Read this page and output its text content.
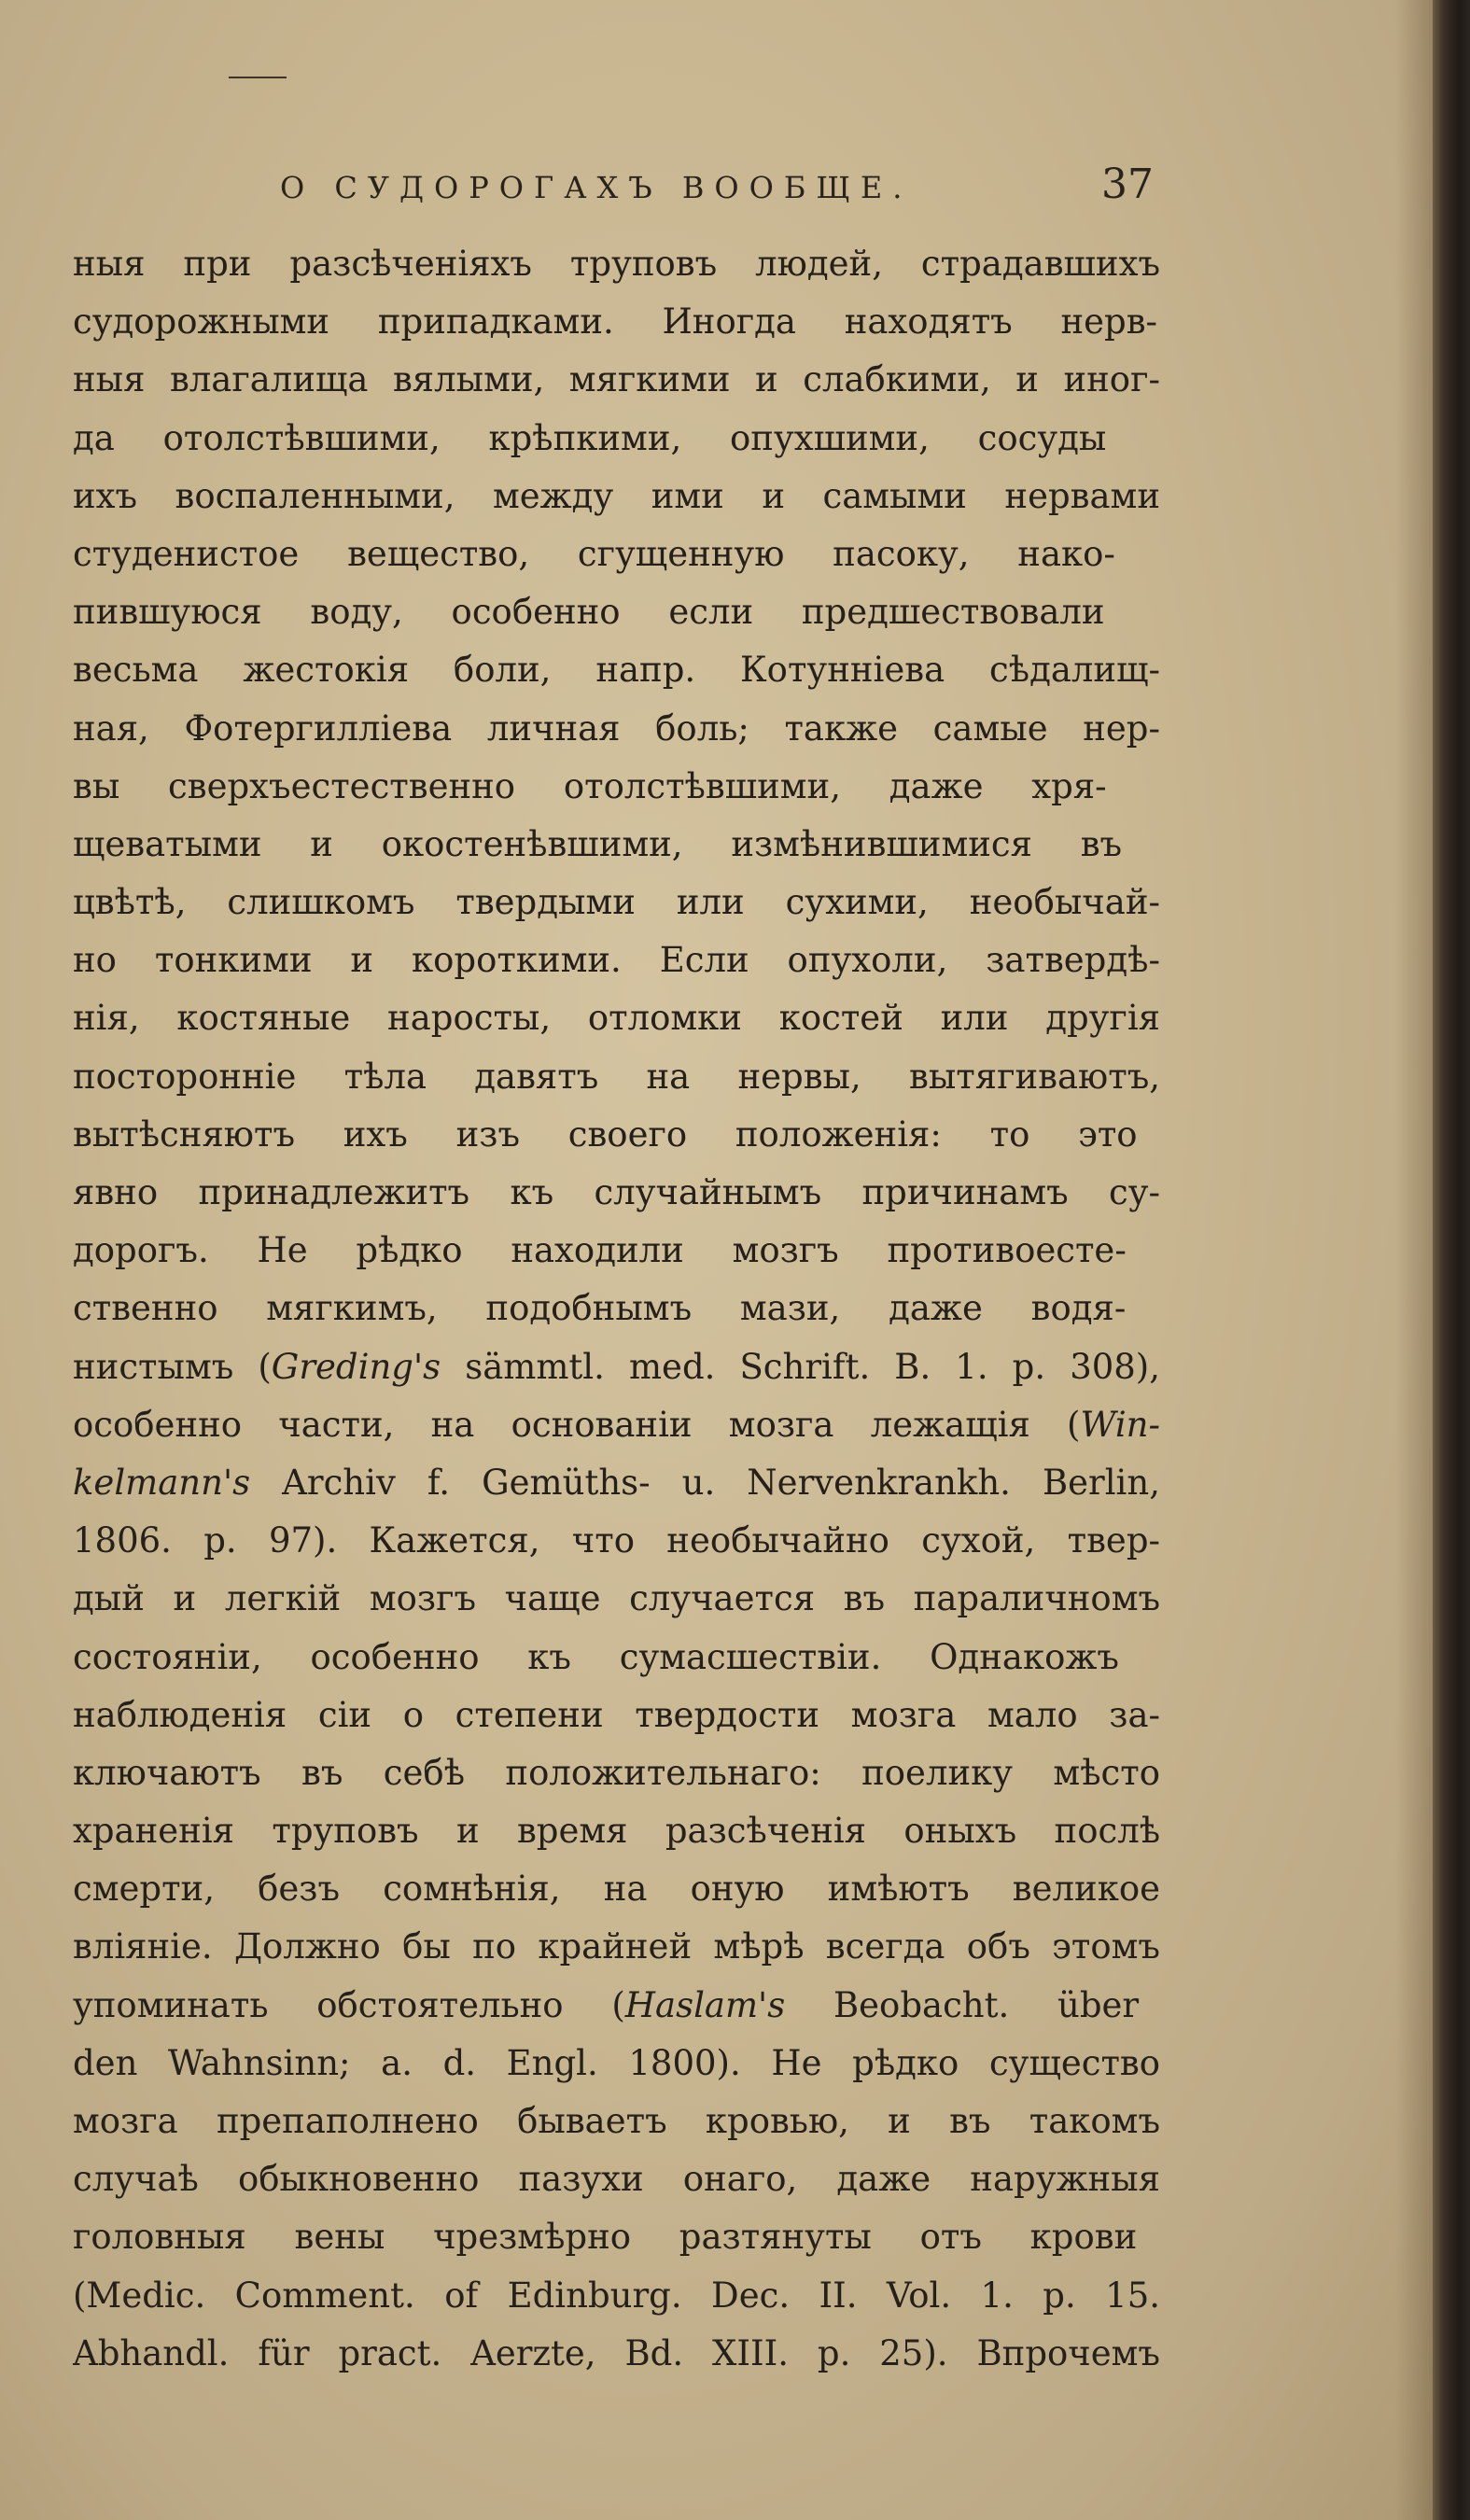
О СУДОРОГАХЪ ВООБЩЕ.	37
ныя при разсѣченіяхъ труповъ людей, страдавшихъ
судорожными припадками. Иногда находятъ нерв-
ныя влагалища вялыми, мягкими и слабкими, и иног-
да отолстѣвшими, крѣпкими, опухшими, сосуды
ихъ воспаленными, между ими и самыми нервами
студенистое вещество, сгущенную пасоку, нако-
пившуюся воду, особенно если предшествовали
весьма жестокія боли, напр. Котунніева сѣдалищ-
ная, Фотергилліева личная боль; также самые нер-
вы сверхъестественно отолстѣвшими, даже хря-
щеватыми и окостенѣвшими, измѣнившимися въ
цвѣтѣ, слишкомъ твердыми или сухими, необычай-
но тонкими и короткими. Если опухоли, затвердѣ-
нія, костяные наросты, отломки костей или другія
посторонніе тѣла давятъ на нервы, вытягиваютъ,
вытѣсняютъ ихъ изъ своего положенія: то это
явно принадлежитъ къ случайнымъ причинамъ су-
дорогъ. Не рѣдко находили мозгъ противоесте-
ственно мягкимъ, подобнымъ мази, даже водя-
нистымъ (Greding's sämmtl. med. Schrift. B. 1. p. 308),
особенно части, на основаніи мозга лежащія (Win-
kelmann's Archiv f. Gemüths- u. Nervenkrankh. Berlin,
1806. p. 97). Кажется, что необычайно сухой, твер-
дый и легкій мозгъ чаще случается въ параличномъ
состояніи, особенно къ сумасшествіи. Однакожъ
наблюденія сіи о степени твердости мозга мало за-
ключаютъ въ себѣ положительнаго: поелику мѣсто
храненія труповъ и время разсѣченія оныхъ послѣ
смерти, безъ сомнѣнія, на оную имѣютъ великое
вліяніе. Должно бы по крайней мѣрѣ всегда объ этомъ
упоминать обстоятельно (Haslam's Beobacht. über
den Wahnsinn; a. d. Engl. 1800). Не рѣдко существо
мозга препаполнено бываетъ кровью, и въ такомъ
случаѣ обыкновенно пазухи онаго, даже наружныя
головныя вены чрезмѣрно разтянуты отъ крови
(Medic. Comment. of Edinburg. Dec. II. Vol. 1. p. 15.
Abhandl. für pract. Aerzte, Bd. XIII. p. 25). Впрочемъ
